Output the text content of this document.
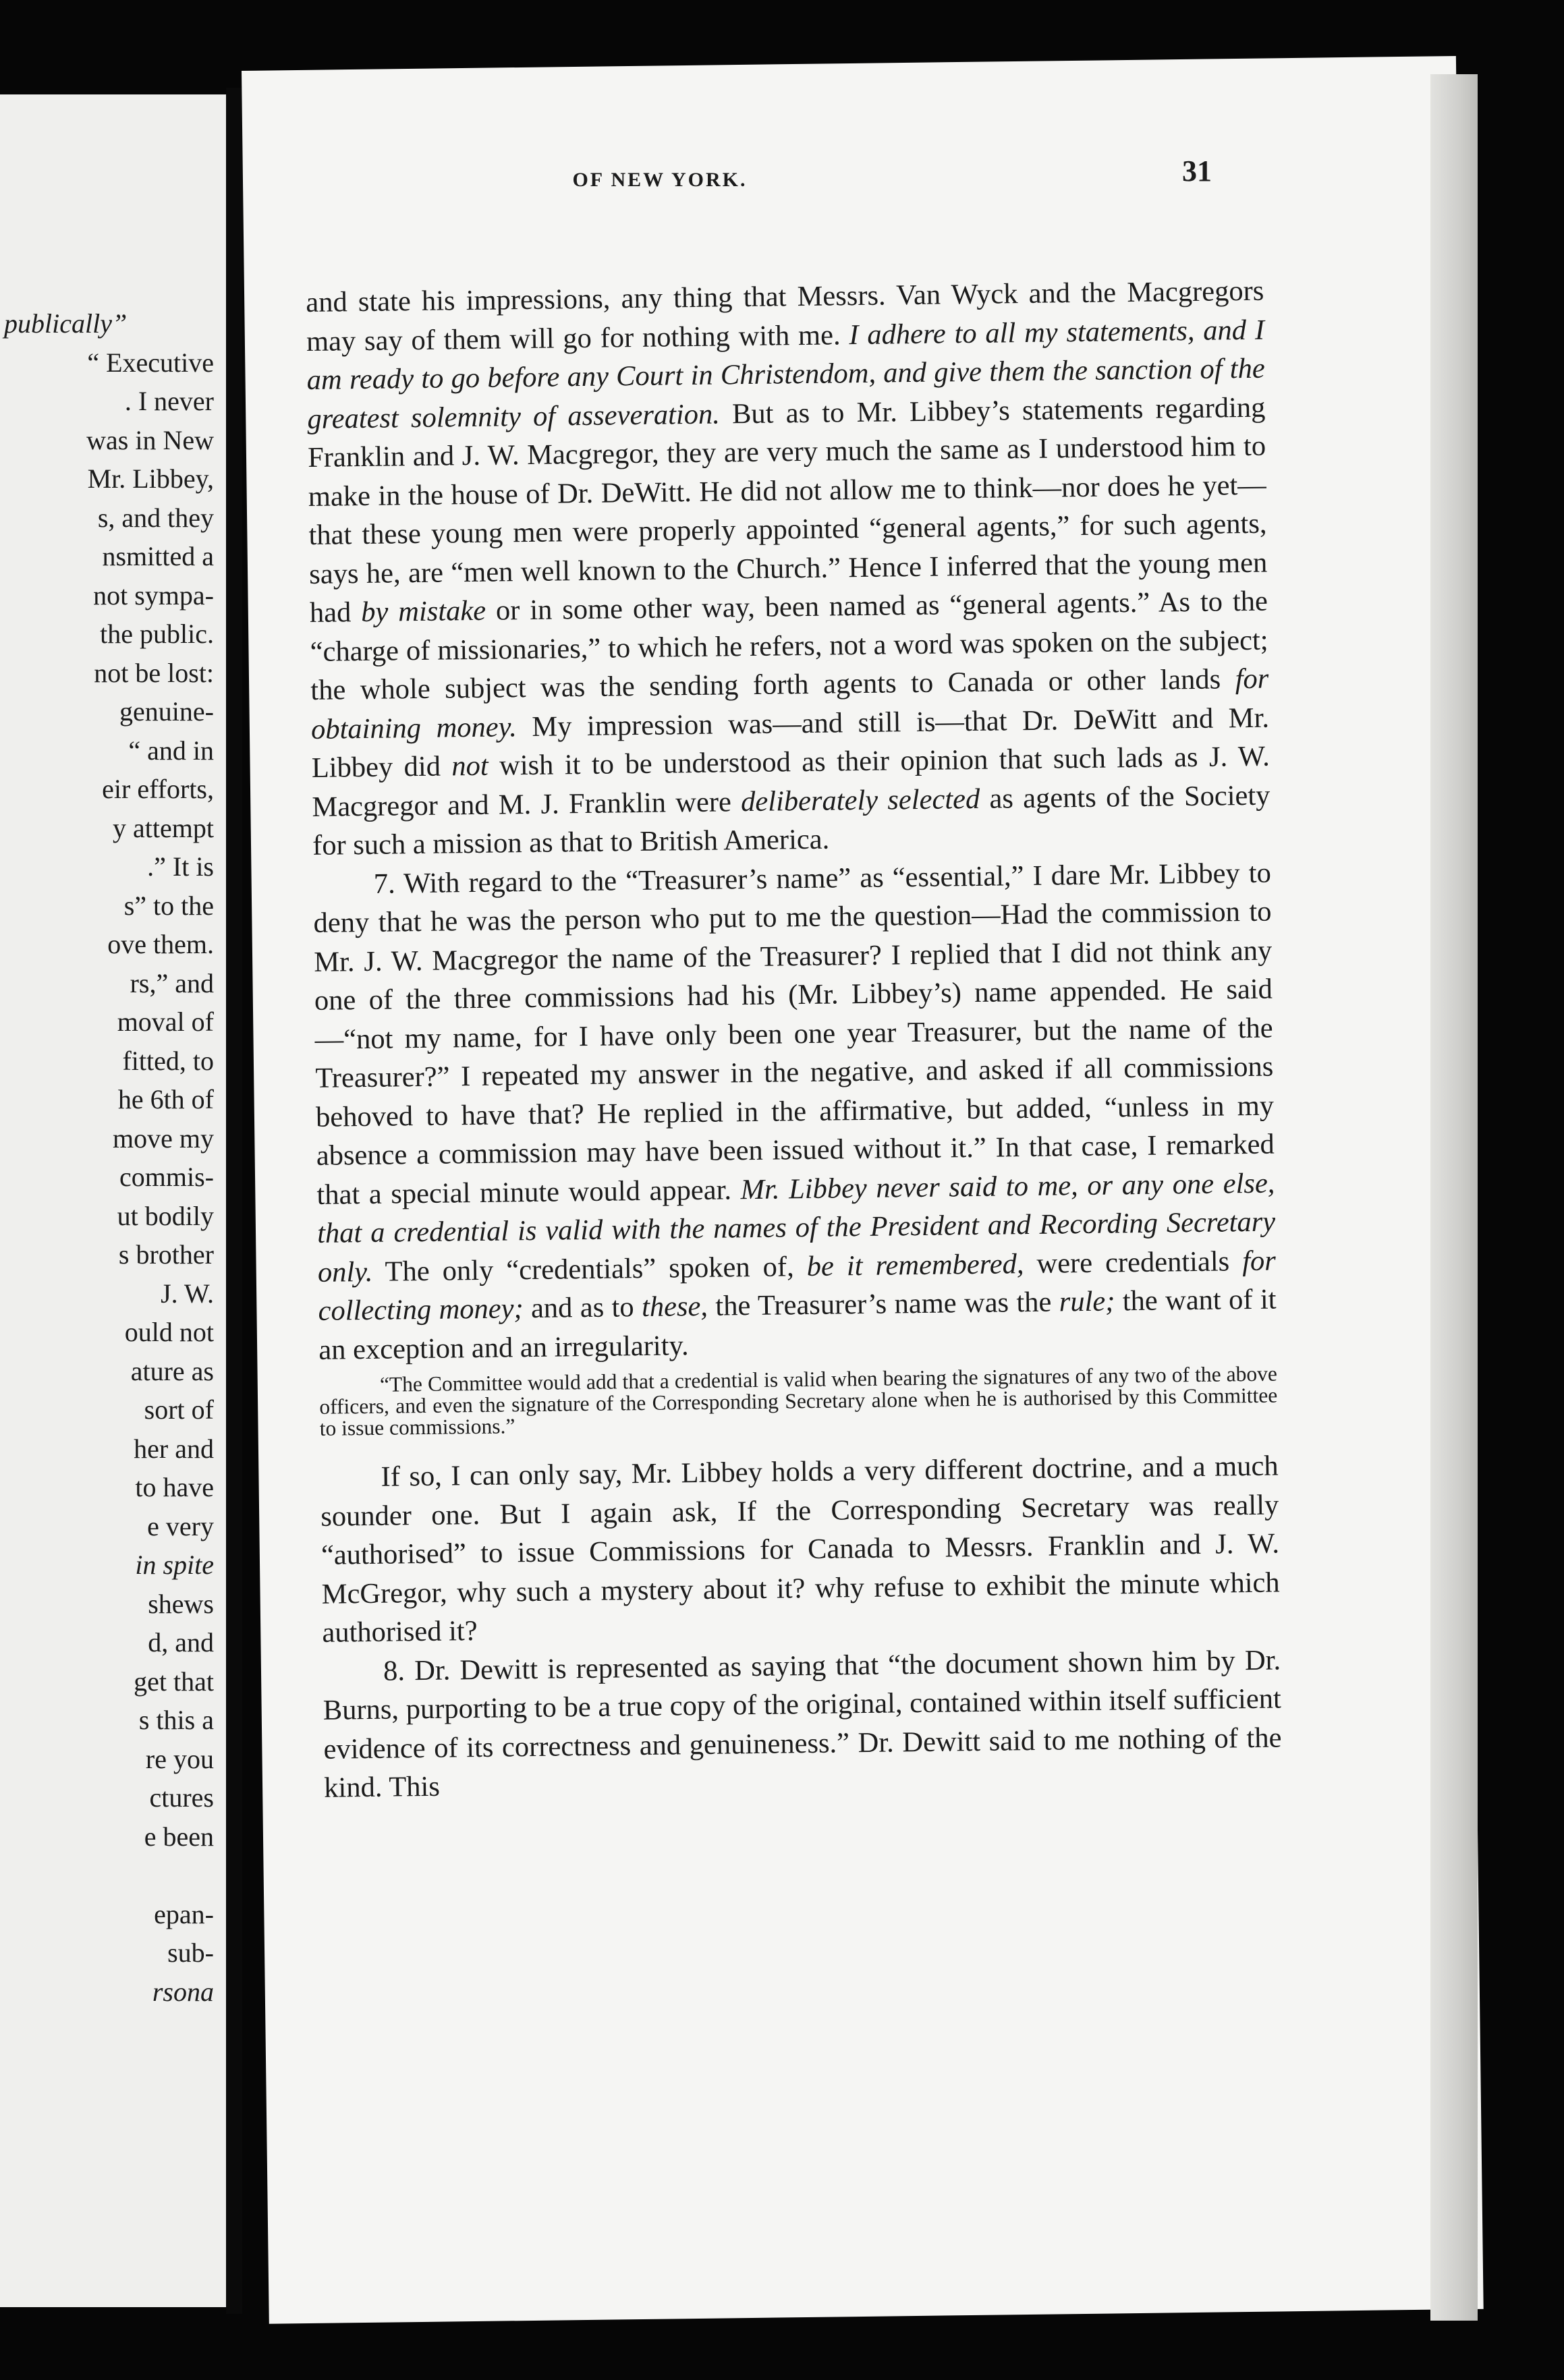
publically”
“ Executive
. I never
was in New
Mr. Libbey,
s, and they
nsmitted a
not sympa-
the public.
not be lost:
genuine-
“ and in
eir efforts,
y attempt
.” It is
s” to the
ove them.
rs,” and
moval of
fitted, to
he 6th of
move my
commis-
ut bodily
s brother
J. W.
ould not
ature as
sort of
her and
to have
e very
in spite
shews
d, and
get that
s this a
re you
ctures
e been
epan-
sub-
rsona
OF NEW YORK.	31

and state his impressions, any thing that Messrs. Van Wyck and the Macgregors may say of them will go for nothing with me. I adhere to all my statements, and I am ready to go before any Court in Christendom, and give them the sanction of the greatest solemnity of asseveration. But as to Mr. Libbey’s statements regarding Franklin and J. W. Macgregor, they are very much the same as I understood him to make in the house of Dr. DeWitt. He did not allow me to think—nor does he yet—that these young men were properly appointed “general agents,” for such agents, says he, are “men well known to the Church.” Hence I inferred that the young men had by mistake or in some other way, been named as “general agents.” As to the “charge of missionaries,” to which he refers, not a word was spoken on the subject; the whole subject was the sending forth agents to Canada or other lands for obtaining money. My impression was—and still is—that Dr. DeWitt and Mr. Libbey did not wish it to be understood as their opinion that such lads as J. W. Macgregor and M. J. Franklin were deliberately selected as agents of the Society for such a mission as that to British America.

7. With regard to the “Treasurer’s name” as “essential,” I dare Mr. Libbey to deny that he was the person who put to me the question—Had the commission to Mr. J. W. Macgregor the name of the Treasurer? I replied that I did not think any one of the three commissions had his (Mr. Libbey’s) name appended. He said—“not my name, for I have only been one year Treasurer, but the name of the Treasurer?” I repeated my answer in the negative, and asked if all commissions behoved to have that? He replied in the affirmative, but added, “unless in my absence a commission may have been issued without it.” In that case, I remarked that a special minute would appear. Mr. Libbey never said to me, or any one else, that a credential is valid with the names of the President and Recording Secretary only. The only “credentials” spoken of, be it remembered, were credentials for collecting money; and as to these, the Treasurer’s name was the rule; the want of it an exception and an irregularity.

“The Committee would add that a credential is valid when bearing the signatures of any two of the above officers, and even the signature of the Corresponding Secretary alone when he is authorised by this Committee to issue commissions.”

If so, I can only say, Mr. Libbey holds a very different doctrine, and a much sounder one. But I again ask, If the Corresponding Secretary was really “authorised” to issue Commissions for Canada to Messrs. Franklin and J. W. McGregor, why such a mystery about it? why refuse to exhibit the minute which authorised it?

8. Dr. Dewitt is represented as saying that “the document shown him by Dr. Burns, purporting to be a true copy of the original, contained within itself sufficient evidence of its correctness and genuineness.” Dr. Dewitt said to me nothing of the kind. This
